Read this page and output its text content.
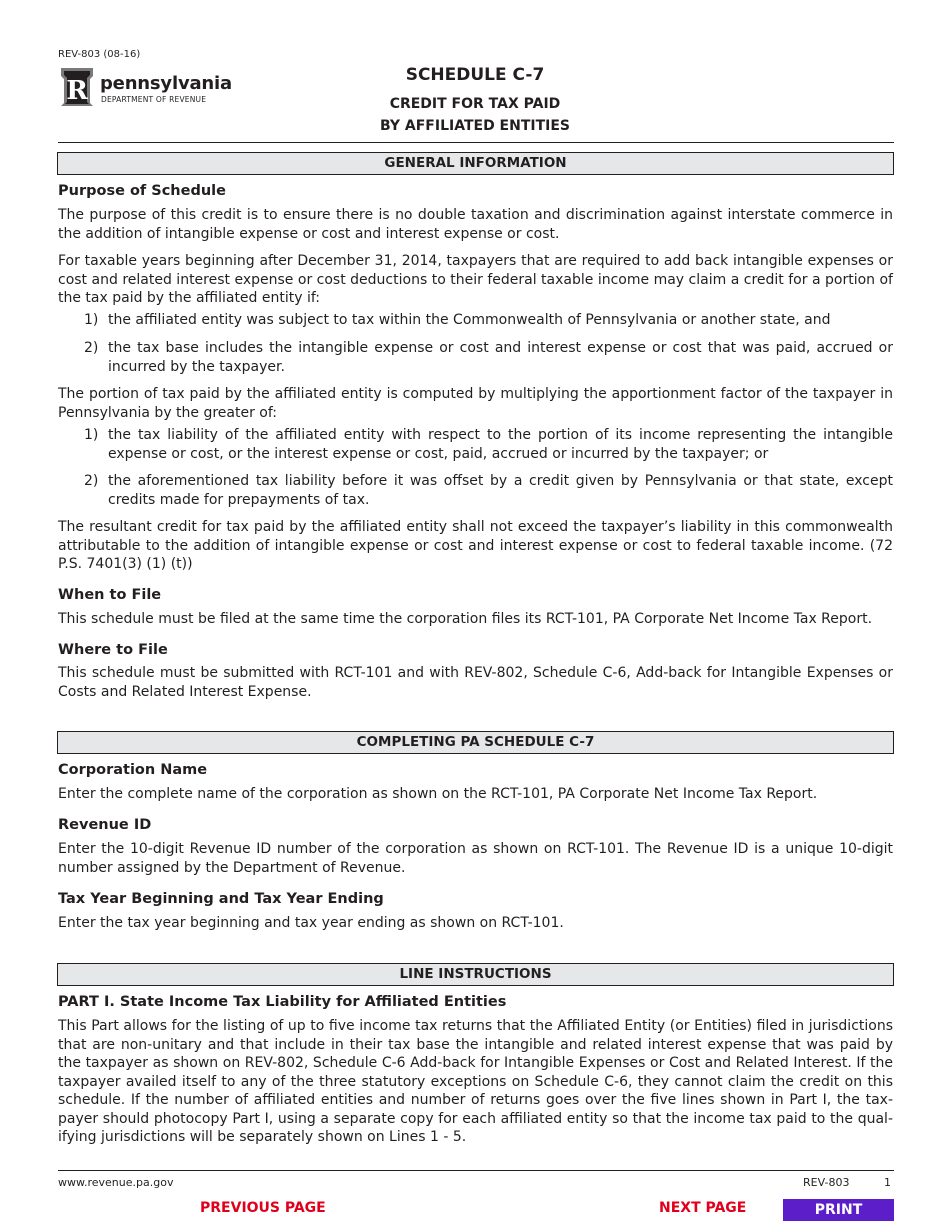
REV-803 (08-16)
R pennsylvania
DEPARTMENT OF REVENUE
SCHEDULE C-7
CREDIT FOR TAX PAID
BY AFFILIATED ENTITIES
GENERAL INFORMATION
Purpose of Schedule
The purpose of this credit is to ensure there is no double taxation and discrimination against interstate commerce in the addition of intangible expense or cost and interest expense or cost.
For taxable years beginning after December 31, 2014, taxpayers that are required to add back intangible expenses or cost and related interest expense or cost deductions to their federal taxable income may claim a credit for a portion of the tax paid by the affiliated entity if:
1) the affiliated entity was subject to tax within the Commonwealth of Pennsylvania or another state, and
2) the tax base includes the intangible expense or cost and interest expense or cost that was paid, accrued or incurred by the taxpayer.
The portion of tax paid by the affiliated entity is computed by multiplying the apportionment factor of the taxpayer in Pennsylvania by the greater of:
1) the tax liability of the affiliated entity with respect to the portion of its income representing the intangible expense or cost, or the interest expense or cost, paid, accrued or incurred by the taxpayer; or
2) the aforementioned tax liability before it was offset by a credit given by Pennsylvania or that state, except credits made for prepayments of tax.
The resultant credit for tax paid by the affiliated entity shall not exceed the taxpayer’s liability in this commonwealth attributable to the addition of intangible expense or cost and interest expense or cost to federal taxable income. (72 P.S. 7401(3) (1) (t))
When to File
This schedule must be filed at the same time the corporation files its RCT-101, PA Corporate Net Income Tax Report.
Where to File
This schedule must be submitted with RCT-101 and with REV-802, Schedule C-6, Add-back for Intangible Expenses or Costs and Related Interest Expense.
COMPLETING PA SCHEDULE C-7
Corporation Name
Enter the complete name of the corporation as shown on the RCT-101, PA Corporate Net Income Tax Report.
Revenue ID
Enter the 10-digit Revenue ID number of the corporation as shown on RCT-101. The Revenue ID is a unique 10-digit number assigned by the Department of Revenue.
Tax Year Beginning and Tax Year Ending
Enter the tax year beginning and tax year ending as shown on RCT-101.
LINE INSTRUCTIONS
PART I. State Income Tax Liability for Affiliated Entities
This Part allows for the listing of up to five income tax returns that the Affiliated Entity (or Entities) filed in jurisdictions that are non-unitary and that include in their tax base the intangible and related interest expense that was paid by the taxpayer as shown on REV-802, Schedule C-6 Add-back for Intangible Expenses or Cost and Related Interest. If the taxpayer availed itself to any of the three statutory exceptions on Schedule C-6, they cannot claim the credit on this schedule. If the number of affiliated entities and number of returns goes over the five lines shown in Part I, the taxpayer should photocopy Part I, using a separate copy for each affiliated entity so that the income tax paid to the qualifying jurisdictions will be separately shown on Lines 1 - 5.
www.revenue.pa.gov	REV-803	1
PREVIOUS PAGE	NEXT PAGE	PRINT
